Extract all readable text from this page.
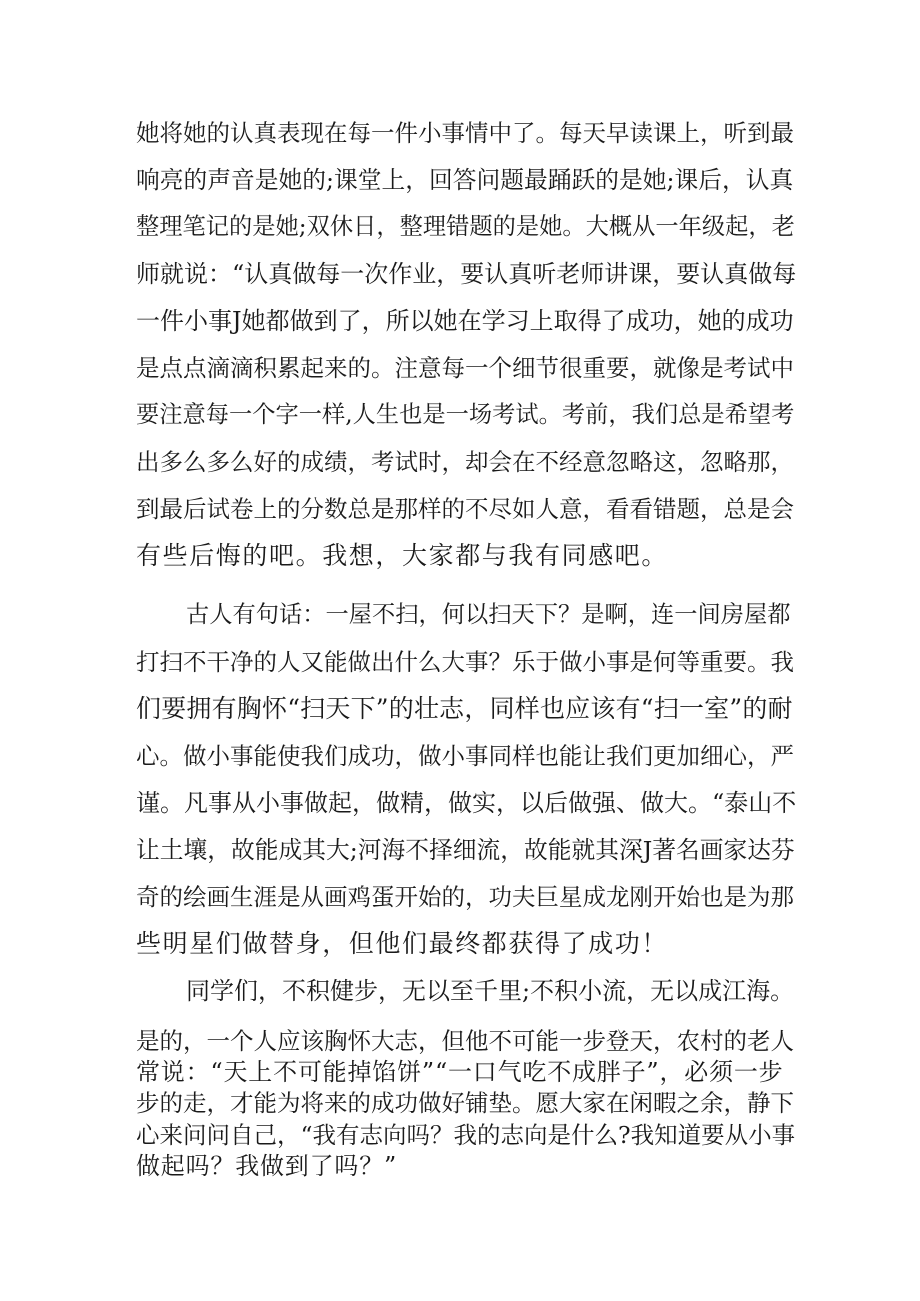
她将她的认真表现在每一件小事情中了。每天早读课上，听到最
响亮的声音是她的;课堂上，回答问题最踊跃的是她;课后，认真
整理笔记的是她;双休日，整理错题的是她。大概从一年级起，老
师就说：“认真做每一次作业，要认真听老师讲课，要认真做每
一件小事J她都做到了，所以她在学习上取得了成功，她的成功
是点点滴滴积累起来的。注意每一个细节很重要，就像是考试中
要注意每一个字一样,人生也是一场考试。考前，我们总是希望考
出多么多么好的成绩，考试时，却会在不经意忽略这，忽略那，
到最后试卷上的分数总是那样的不尽如人意，看看错题，总是会
有些后悔的吧。我想，大家都与我有同感吧。
古人有句话：一屋不扫，何以扫天下？是啊，连一间房屋都
打扫不干净的人又能做出什么大事？乐于做小事是何等重要。我
们要拥有胸怀“扫天下”的壮志，同样也应该有“扫一室”的耐
心。做小事能使我们成功，做小事同样也能让我们更加细心，严
谨。凡事从小事做起，做精，做实，以后做强、做大。“泰山不
让土壤，故能成其大;河海不择细流，故能就其深J著名画家达芬
奇的绘画生涯是从画鸡蛋开始的，功夫巨星成龙刚开始也是为那
些明星们做替身，但他们最终都获得了成功！
同学们，不积健步，无以至千里;不积小流，无以成江海。
是的，一个人应该胸怀大志，但他不可能一步登天，农村的老人
常说：“天上不可能掉馅饼”“一口气吃不成胖子”，必须一步
步的走，才能为将来的成功做好铺垫。愿大家在闲暇之余，静下
心来问问自己，“我有志向吗？我的志向是什么?我知道要从小事
做起吗？我做到了吗？”
